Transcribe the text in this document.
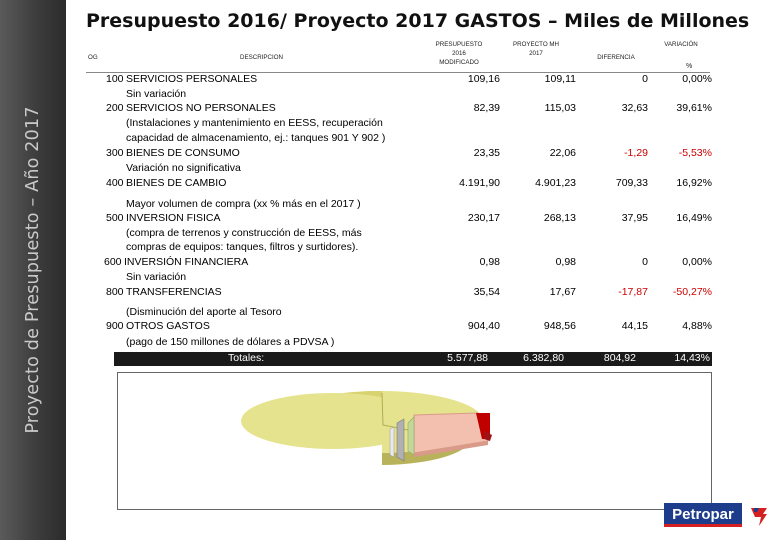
Proyecto de Presupuesto – Año 2017
Presupuesto 2016/ Proyecto 2017 GASTOS – Miles de Millones
OG	DESCRIPCION
PRESUPUESTO
2016
MODIFICADO
PROYECTO MH
2017
DIFERENCIA
VARIACIÓN
%
100 SERVICIOS PERSONALES	109,16	109,11	0	0,00%
Sin variación
200 SERVICIOS NO PERSONALES	82,39	115,03	32,63	39,61%
(Instalaciones y mantenimiento en EESS, recuperación
capacidad de almacenamiento, ej.: tanques 901 Y 902 )
300 BIENES DE CONSUMO	23,35	22,06	-1,29	-5,53%
Variación no significativa
400 BIENES DE CAMBIO	4.191,90	4.901,23	709,33	16,92%
Mayor volumen de compra (xx % más en el 2017 )
500 INVERSION FISICA	230,17	268,13	37,95	16,49%
(compra de terrenos y construcción de EESS, más
compras de equipos: tanques, filtros y surtidores).
600 INVERSIÓN FINANCIERA	0,98	0,98	0	0,00%
Sin variación
800 TRANSFERENCIAS	35,54	17,67	-17,87 -50,27%
(Disminución del aporte al Tesoro
900 OTROS GASTOS	904,40	948,56	44,15	4,88%
(pago de 150 millones de dólares a PDVSA )
Totales:	5.577,88	6.382,80	804,92	14,43%
Petropar
